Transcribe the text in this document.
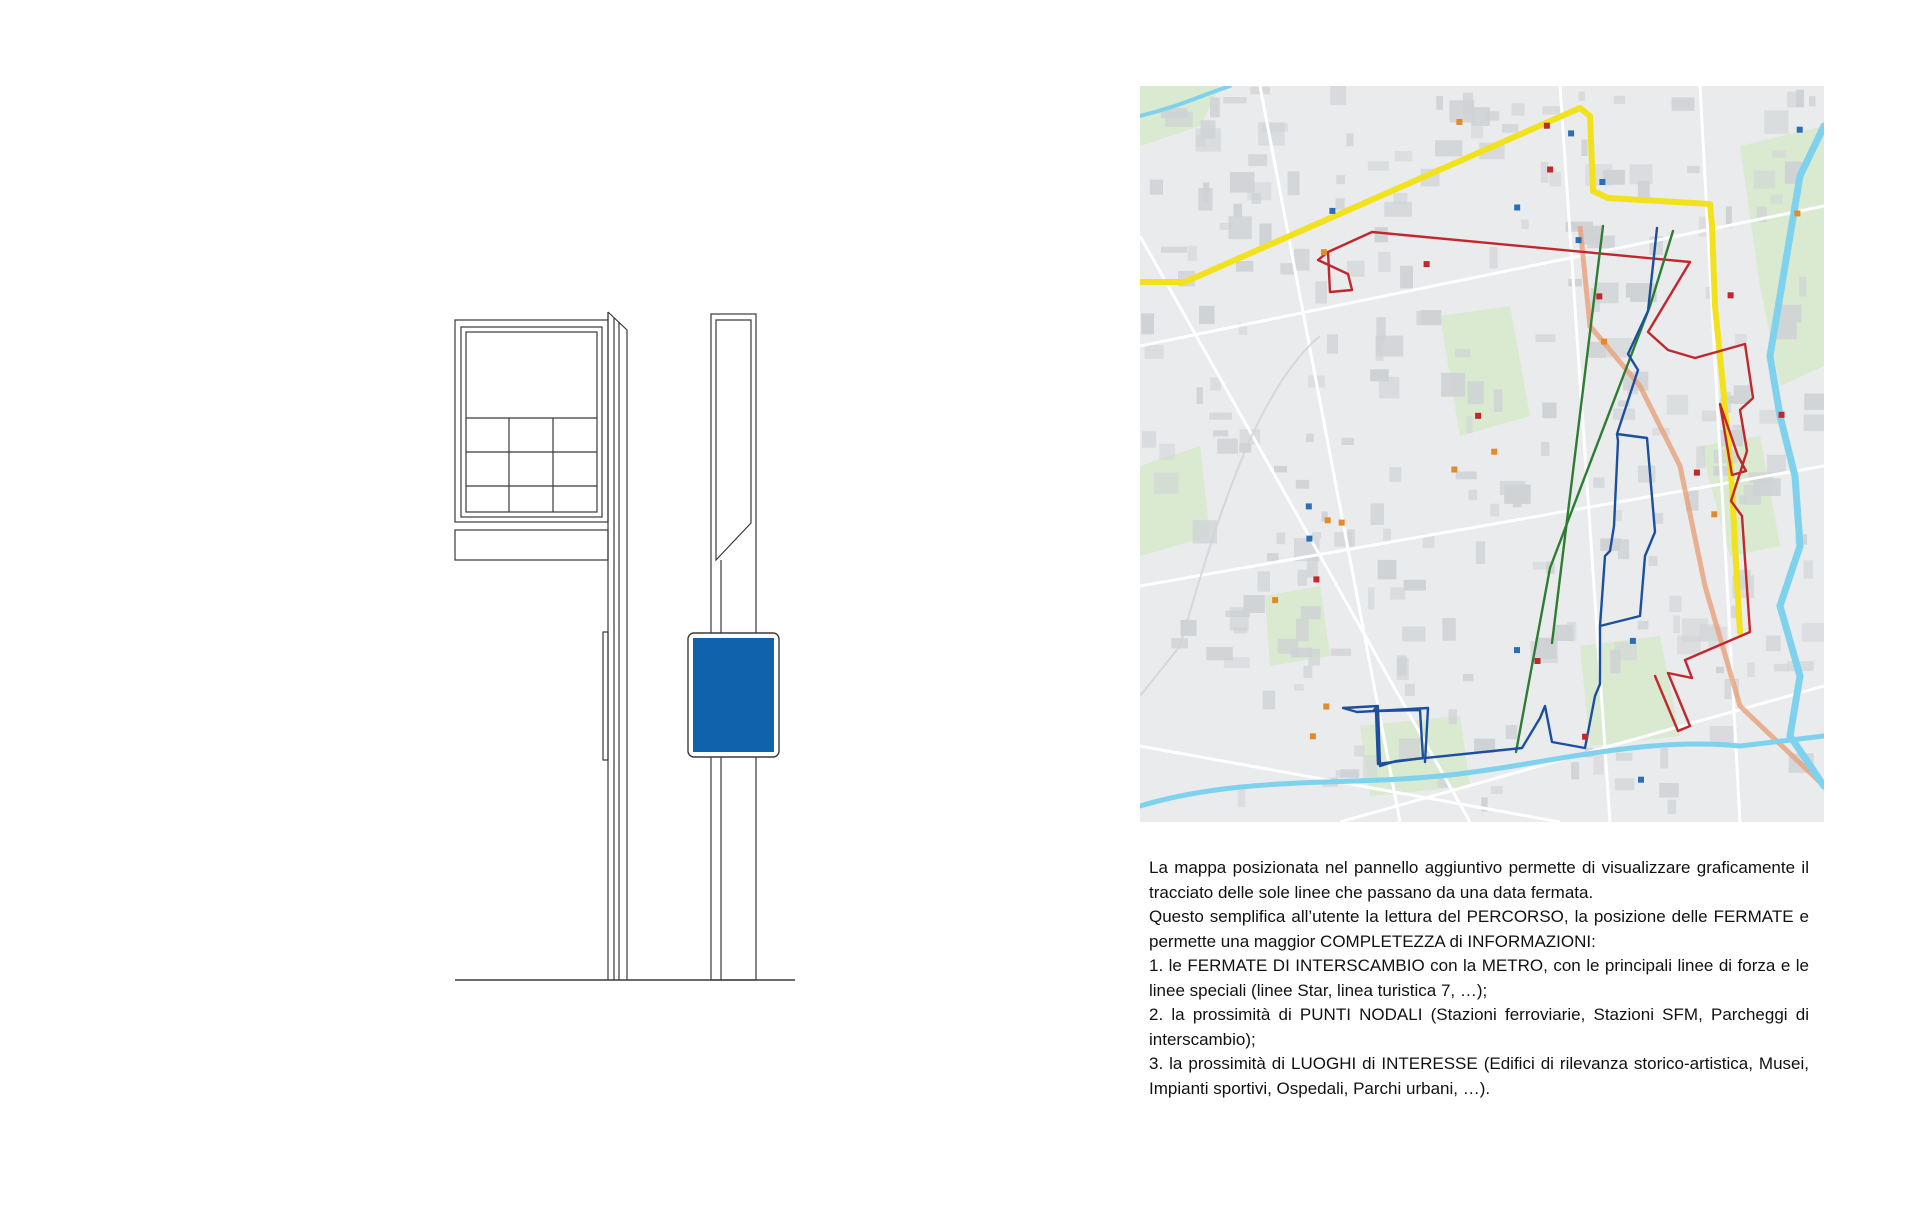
La mappa posizionata nel pannello aggiuntivo permette di visualizzare graficamente il tracciato delle sole linee che passano da una data fermata.

Questo semplifica all’utente la lettura del PERCORSO, la posizione delle FERMATE e permette una maggior COMPLETEZZA di INFORMAZIONI:

1. le FERMATE DI INTERSCAMBIO con la METRO, con le principali linee di forza e le linee speciali (linee Star, linea turistica 7, …);

2. la prossimità di PUNTI NODALI (Stazioni ferroviarie, Stazioni SFM, Parcheggi di interscambio);

3. la prossimità di LUOGHI di INTERESSE (Edifici di rilevanza storico-artistica, Musei, Impianti sportivi, Ospedali, Parchi urbani, …).
